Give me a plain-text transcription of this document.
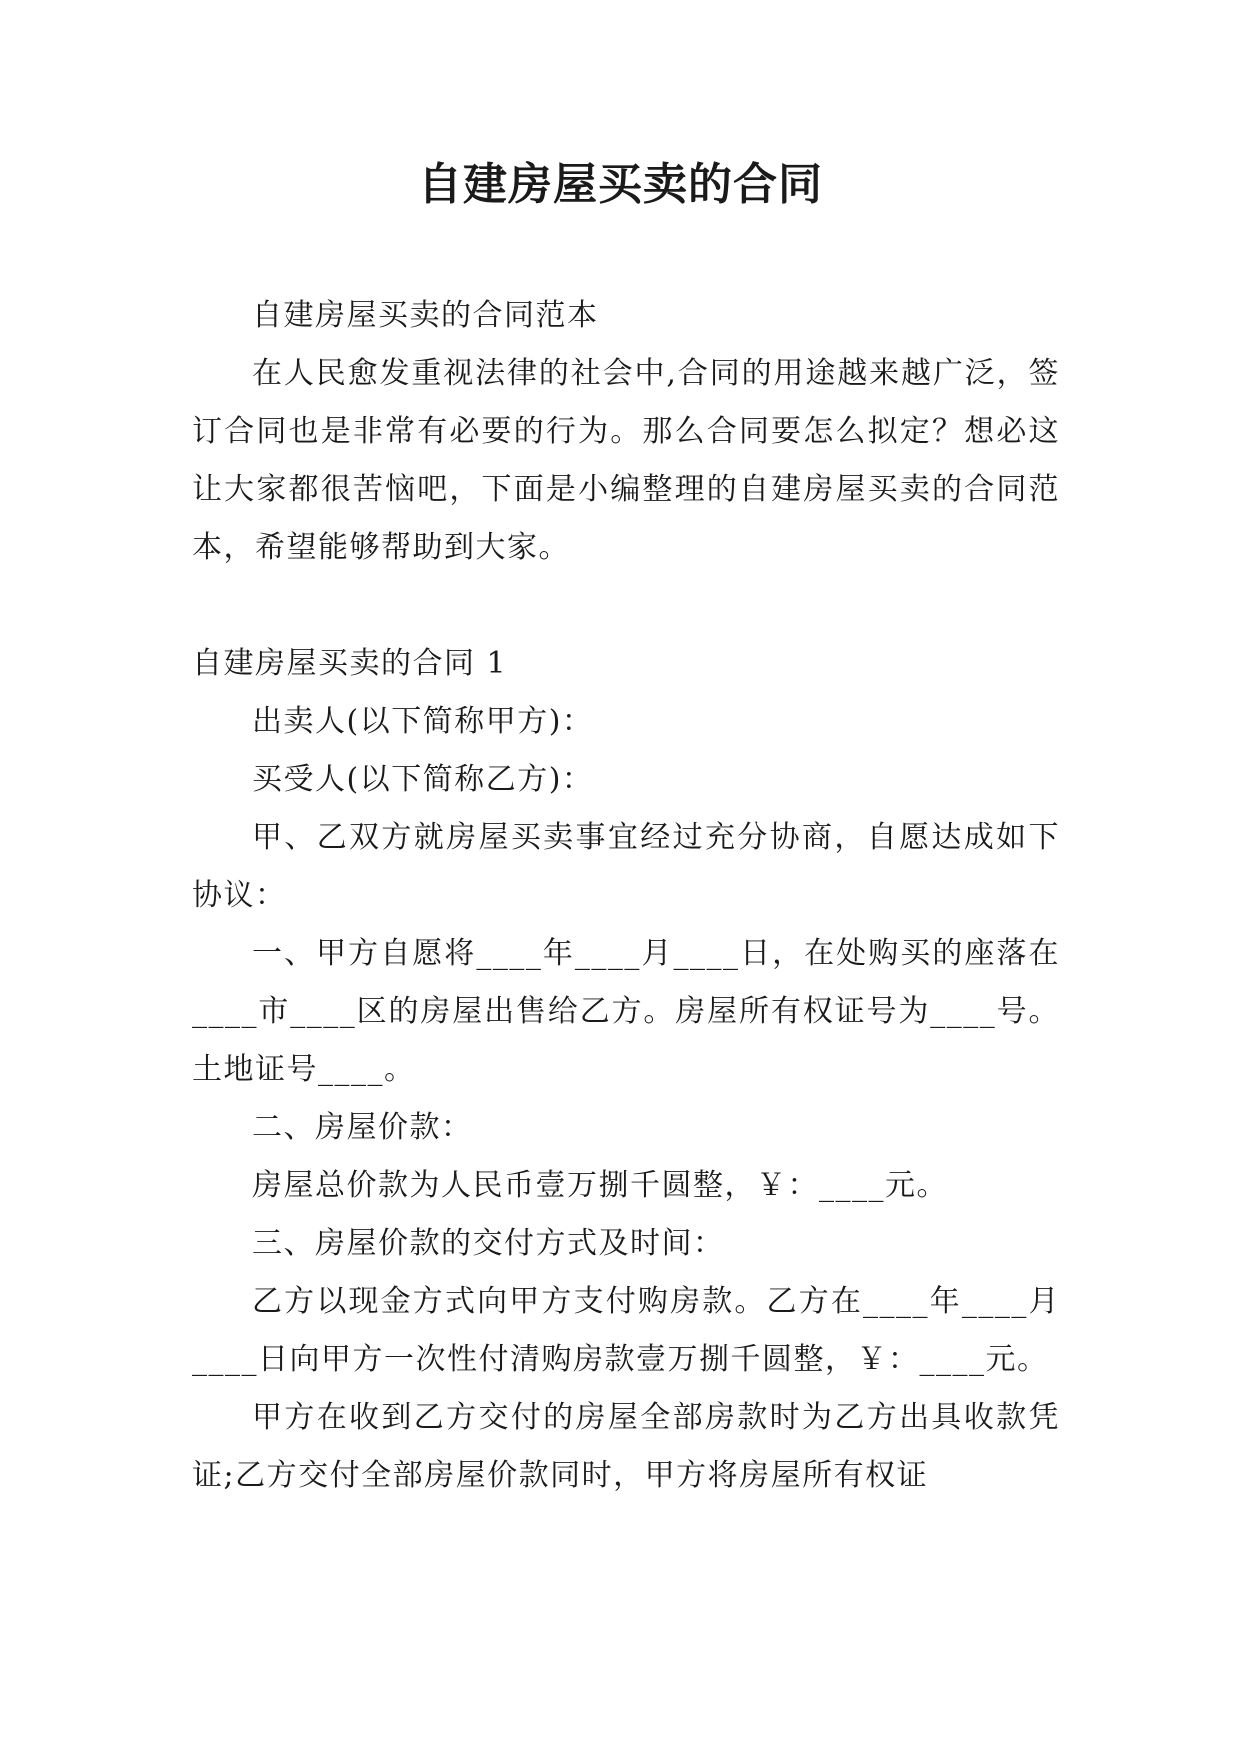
自建房屋买卖的合同

自建房屋买卖的合同范本

在人民愈发重视法律的社会中,合同的用途越来越广泛，签订合同也是非常有必要的行为。那么合同要怎么拟定？想必这让大家都很苦恼吧，下面是小编整理的自建房屋买卖的合同范本，希望能够帮助到大家。

自建房屋买卖的合同 1

出卖人(以下简称甲方)：

买受人(以下简称乙方)：

甲、乙双方就房屋买卖事宜经过充分协商，自愿达成如下协议：

一、甲方自愿将____年____月____日，在处购买的座落在____市____区的房屋出售给乙方。房屋所有权证号为____号。土地证号____。

二、房屋价款：

房屋总价款为人民币壹万捌千圆整，￥：____元。

三、房屋价款的交付方式及时间：

乙方以现金方式向甲方支付购房款。乙方在____年____月____日向甲方一次性付清购房款壹万捌千圆整，￥：____元。

甲方在收到乙方交付的房屋全部房款时为乙方出具收款凭证;乙方交付全部房屋价款同时，甲方将房屋所有权证
